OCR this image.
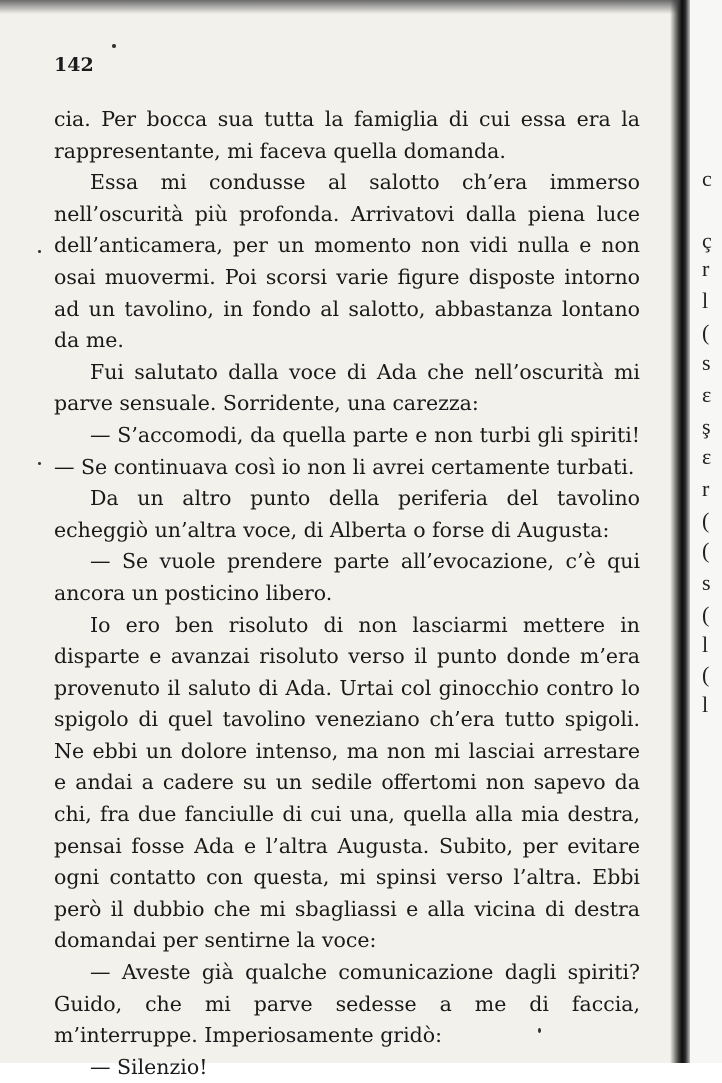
142

cia. Per bocca sua tutta la famiglia di cui essa era la rappresentante, mi faceva quella domanda.

Essa mi condusse al salotto ch’era immerso nell’oscurità più profonda. Arrivatovi dalla piena luce dell’anticamera, per un momento non vidi nulla e non osai muovermi. Poi scorsi varie figure disposte intorno ad un tavolino, in fondo al salotto, abbastanza lontano da me.

Fui salutato dalla voce di Ada che nell’oscurità mi parve sensuale. Sorridente, una carezza:

— S’accomodi, da quella parte e non turbi gli spiriti! — Se continuava così io non li avrei certamente turbati.

Da un altro punto della periferia del tavolino echeggiò un’altra voce, di Alberta o forse di Augusta:

— Se vuole prendere parte all’evocazione, c’è qui ancora un posticino libero.

Io ero ben risoluto di non lasciarmi mettere in disparte e avanzai risoluto verso il punto donde m’era provenuto il saluto di Ada. Urtai col ginocchio contro lo spigolo di quel tavolino veneziano ch’era tutto spigoli. Ne ebbi un dolore intenso, ma non mi lasciai arrestare e andai a cadere su un sedile offertomi non sapevo da chi, fra due fanciulle di cui una, quella alla mia destra, pensai fosse Ada e l’altra Augusta. Subito, per evitare ogni contatto con questa, mi spinsi verso l’altra. Ebbi però il dubbio che mi sbagliassi e alla vicina di destra domandai per sentirne la voce:

— Aveste già qualche comunicazione dagli spiriti? Guido, che mi parve sedesse a me di faccia, m’interruppe. Imperiosamente gridò:

— Silenzio!

c
ç
r
l
(
s
ε
ş
ε
r
(
(
s
(
l
(
l
